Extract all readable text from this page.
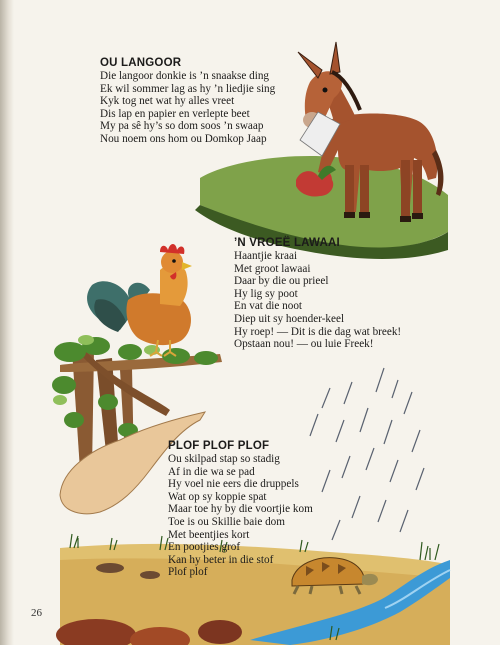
OU LANGOOR
Die langoor donkie is ’n snaakse ding
Ek wil sommer lag as hy ’n liedjie sing
Kyk tog net wat hy alles vreet
Dis lap en papier en verlepte beet
My pa sê hy’s so dom soos ’n swaap
Nou noem ons hom ou Domkop Jaap
’N VROEË LAWAAI
Haantjie kraai
Met groot lawaai
Daar by die ou prieel
Hy lig sy poot
En vat die noot
Diep uit sy hoender-keel
Hy roep! — Dit is die dag wat breek!
Opstaan nou! — ou luie Freek!
PLOF PLOF PLOF
Ou skilpad stap so stadig
Af in die wa se pad
Hy voel nie eers die druppels
Wat op sy koppie spat
Maar toe hy by die voortjie kom
Toe is ou Skillie baie dom
Met beentjies kort
En pootjies grof
Kan hy beter in die stof
Plof plof
26
